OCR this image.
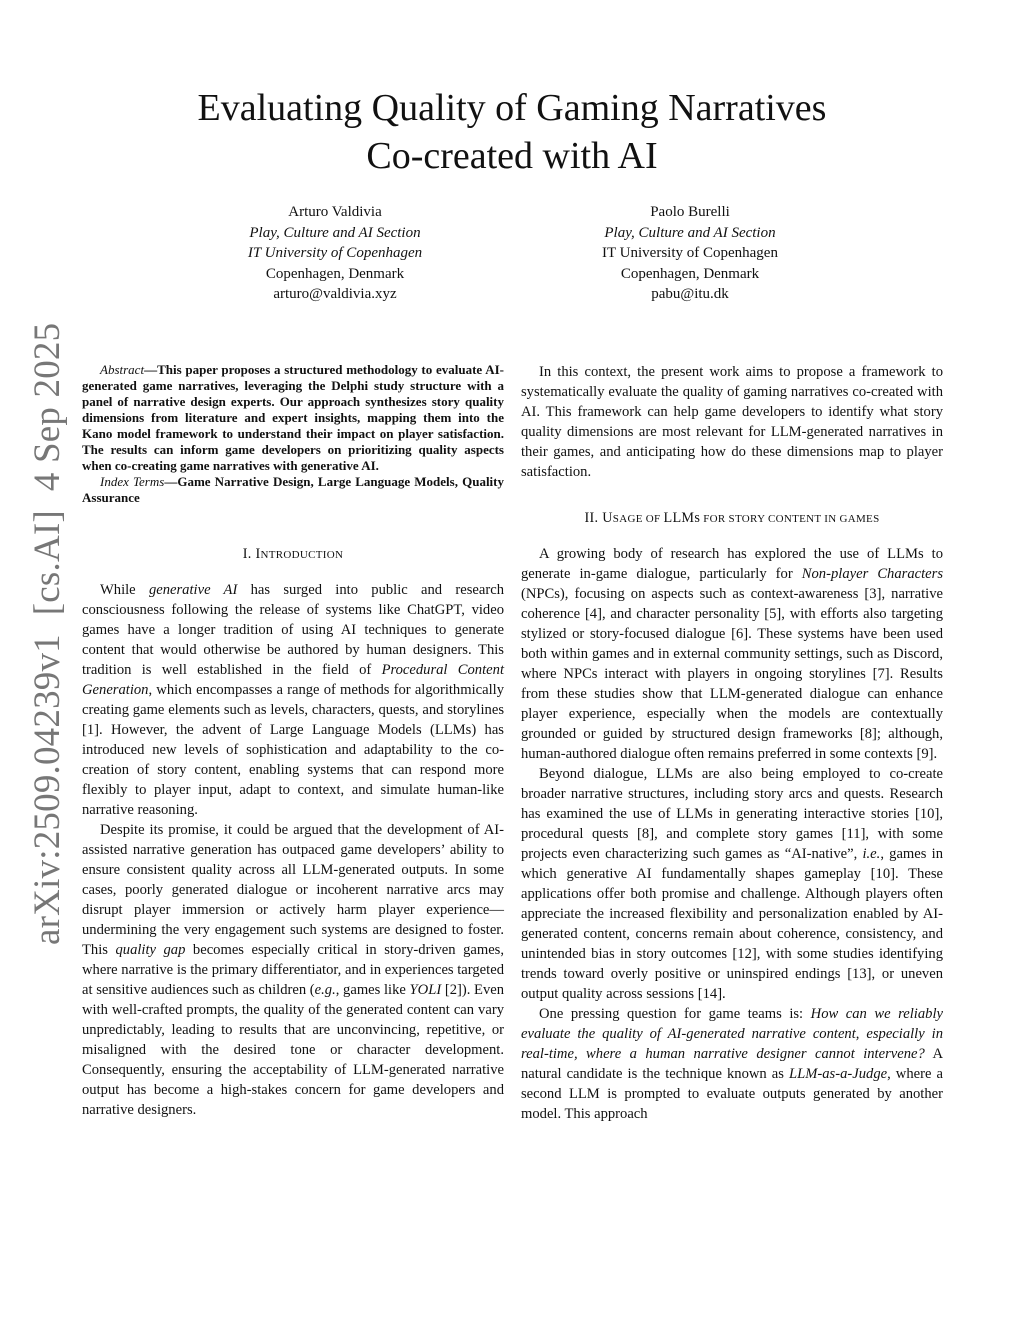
Evaluating Quality of Gaming Narratives
Co-created with AI
Arturo Valdivia
Play, Culture and AI Section
IT University of Copenhagen
Copenhagen, Denmark
arturo@valdivia.xyz
Paolo Burelli
Play, Culture and AI Section
IT University of Copenhagen
Copenhagen, Denmark
pabu@itu.dk
arXiv:2509.04239v1  [cs.AI]  4 Sep 2025	Abstract—This paper proposes a structured methodology to evaluate AI-generated game narratives, leveraging the Delphi study structure with a panel of narrative design experts. Our approach synthesizes story quality dimensions from literature and expert insights, mapping them into the Kano model framework to understand their impact on player satisfaction. The results can inform game developers on prioritizing quality aspects when co-creating game narratives with generative AI.

Index Terms—Game Narrative Design, Large Language Models, Quality Assurance

I. INTRODUCTION

While generative AI has surged into public and research consciousness following the release of systems like ChatGPT, video games have a longer tradition of using AI techniques to generate content that would otherwise be authored by human designers. This tradition is well established in the field of Procedural Content Generation, which encompasses a range of methods for algorithmically creating game elements such as levels, characters, quests, and storylines [1]. However, the advent of Large Language Models (LLMs) has introduced new levels of sophistication and adaptability to the co-creation of story content, enabling systems that can respond more flexibly to player input, adapt to context, and simulate human-like narrative reasoning.

Despite its promise, it could be argued that the development of AI-assisted narrative generation has outpaced game developers’ ability to ensure consistent quality across all LLM-generated outputs. In some cases, poorly generated dialogue or incoherent narrative arcs may disrupt player immersion or actively harm player experience—undermining the very engagement such systems are designed to foster. This quality gap becomes especially critical in story-driven games, where narrative is the primary differentiator, and in experiences targeted at sensitive audiences such as children (e.g., games like YOLI [2]). Even with well-crafted prompts, the quality of the generated content can vary unpredictably, leading to results that are unconvincing, repetitive, or misaligned with the desired tone or character development. Consequently, ensuring the acceptability of LLM-generated narrative output has become a high-stakes concern for game developers and narrative designers.

In this context, the present work aims to propose a framework to systematically evaluate the quality of gaming narratives co-created with AI. This framework can help game developers to identify what story quality dimensions are most relevant for LLM-generated narratives in their games, and anticipating how do these dimensions map to player satisfaction.

II. USAGE OF LLMs FOR STORY CONTENT IN GAMES

A growing body of research has explored the use of LLMs to generate in-game dialogue, particularly for Non-player Characters (NPCs), focusing on aspects such as context-awareness [3], narrative coherence [4], and character personality [5], with efforts also targeting stylized or story-focused dialogue [6]. These systems have been used both within games and in external community settings, such as Discord, where NPCs interact with players in ongoing storylines [7]. Results from these studies show that LLM-generated dialogue can enhance player experience, especially when the models are contextually grounded or guided by structured design frameworks [8]; although, human-authored dialogue often remains preferred in some contexts [9].

Beyond dialogue, LLMs are also being employed to co-create broader narrative structures, including story arcs and quests. Research has examined the use of LLMs in generating interactive stories [10], procedural quests [8], and complete story games [11], with some projects even characterizing such games as “AI-native”, i.e., games in which generative AI fundamentally shapes gameplay [10]. These applications offer both promise and challenge. Although players often appreciate the increased flexibility and personalization enabled by AI-generated content, concerns remain about coherence, consistency, and unintended bias in story outcomes [12], with some studies identifying trends toward overly positive or uninspired endings [13], or uneven output quality across sessions [14].

One pressing question for game teams is: How can we reliably evaluate the quality of AI-generated narrative content, especially in real-time, where a human narrative designer cannot intervene? A natural candidate is the technique known as LLM-as-a-Judge, where a second LLM is prompted to evaluate outputs generated by another model. This approach
